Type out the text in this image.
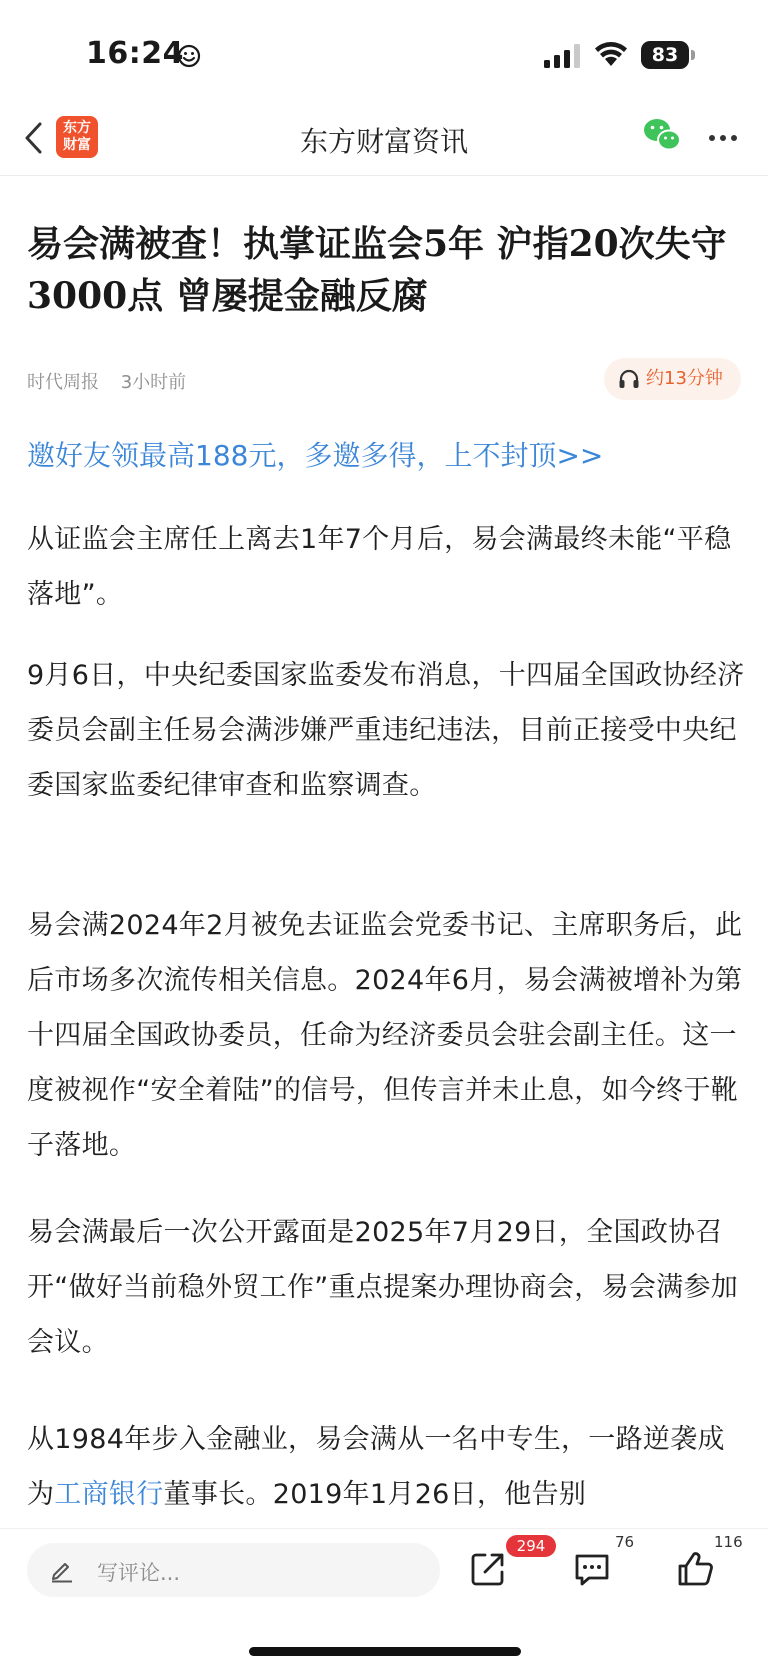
16:24	83
东方
财富	东方财富资讯
易会满被查！执掌证监会5年 沪指20次失守3000点 曾屡提金融反腐
时代周报 3小时前	约13分钟
邀好友领最高188元，多邀多得，上不封顶>>

从证监会主席任上离去1年7个月后，易会满最终未能“平稳落地”。

9月6日，中央纪委国家监委发布消息，十四届全国政协经济委员会副主任易会满涉嫌严重违纪违法，目前正接受中央纪委国家监委纪律审查和监察调查。

易会满2024年2月被免去证监会党委书记、主席职务后，此后市场多次流传相关信息。2024年6月，易会满被增补为第十四届全国政协委员，任命为经济委员会驻会副主任。这一度被视作“安全着陆”的信号，但传言并未止息，如今终于靴子落地。

易会满最后一次公开露面是2025年7月29日，全国政协召开“做好当前稳外贸工作”重点提案办理协商会，易会满参加会议。

从1984年步入金融业，易会满从一名中专生，一路逆袭成为工商银行董事长。2019年1月26日，他告别

写评论...
294	76	116
